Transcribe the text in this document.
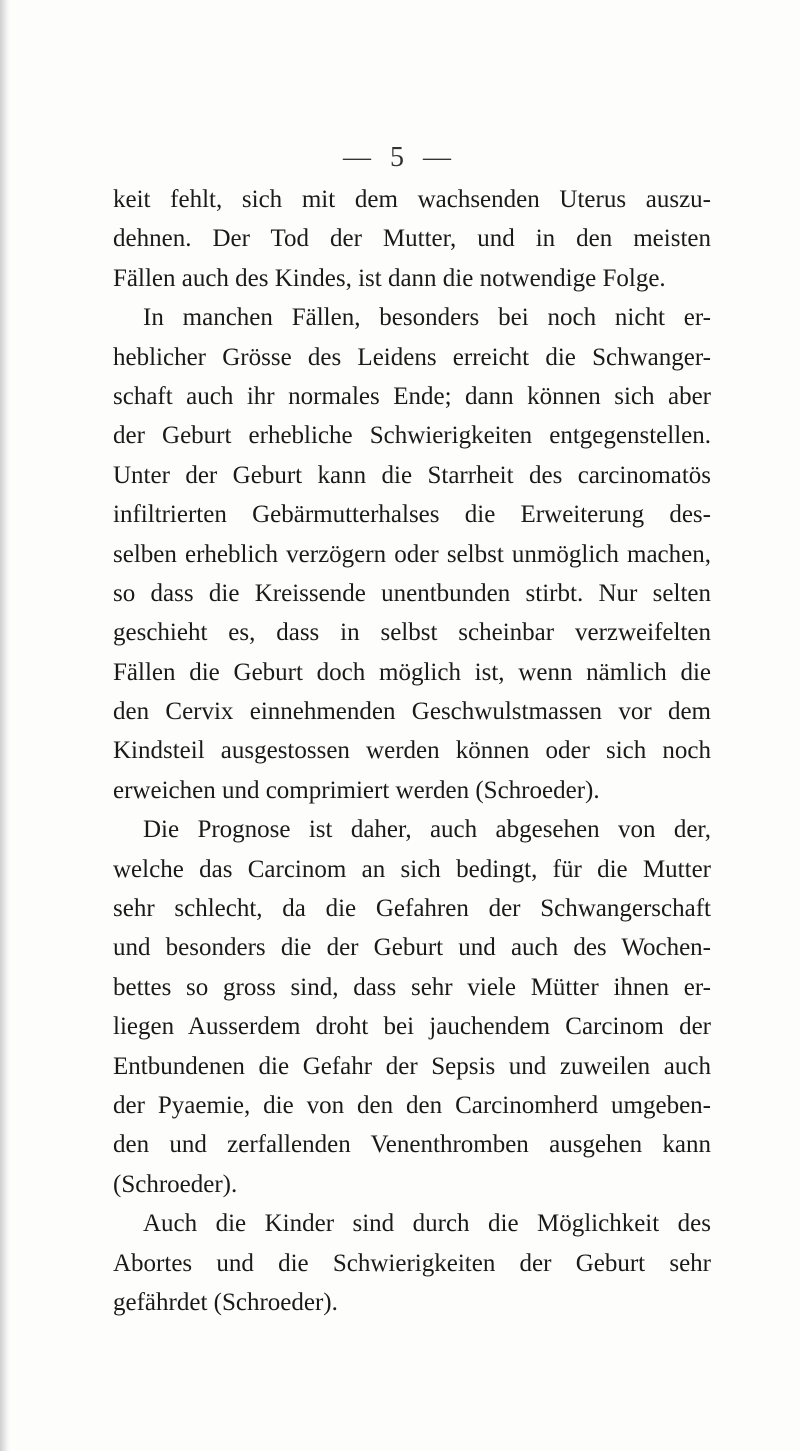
— 5 —
keit fehlt, sich mit dem wachsenden Uterus auszu-
dehnen. Der Tod der Mutter, und in den meisten
Fällen auch des Kindes, ist dann die notwendige Folge.
In manchen Fällen, besonders bei noch nicht er-
heblicher Grösse des Leidens erreicht die Schwanger-
schaft auch ihr normales Ende; dann können sich aber
der Geburt erhebliche Schwierigkeiten entgegenstellen.
Unter der Geburt kann die Starrheit des carcinomatös
infiltrierten Gebärmutterhalses die Erweiterung des-
selben erheblich verzögern oder selbst unmöglich machen,
so dass die Kreissende unentbunden stirbt. Nur selten
geschieht es, dass in selbst scheinbar verzweifelten
Fällen die Geburt doch möglich ist, wenn nämlich die
den Cervix einnehmenden Geschwulstmassen vor dem
Kindsteil ausgestossen werden können oder sich noch
erweichen und comprimiert werden (Schroeder).
Die Prognose ist daher, auch abgesehen von der,
welche das Carcinom an sich bedingt, für die Mutter
sehr schlecht, da die Gefahren der Schwangerschaft
und besonders die der Geburt und auch des Wochen-
bettes so gross sind, dass sehr viele Mütter ihnen er-
liegen Ausserdem droht bei jauchendem Carcinom der
Entbundenen die Gefahr der Sepsis und zuweilen auch
der Pyaemie, die von den den Carcinomherd umgeben-
den und zerfallenden Venenthromben ausgehen kann
(Schroeder).
Auch die Kinder sind durch die Möglichkeit des
Abortes und die Schwierigkeiten der Geburt sehr
gefährdet (Schroeder).
